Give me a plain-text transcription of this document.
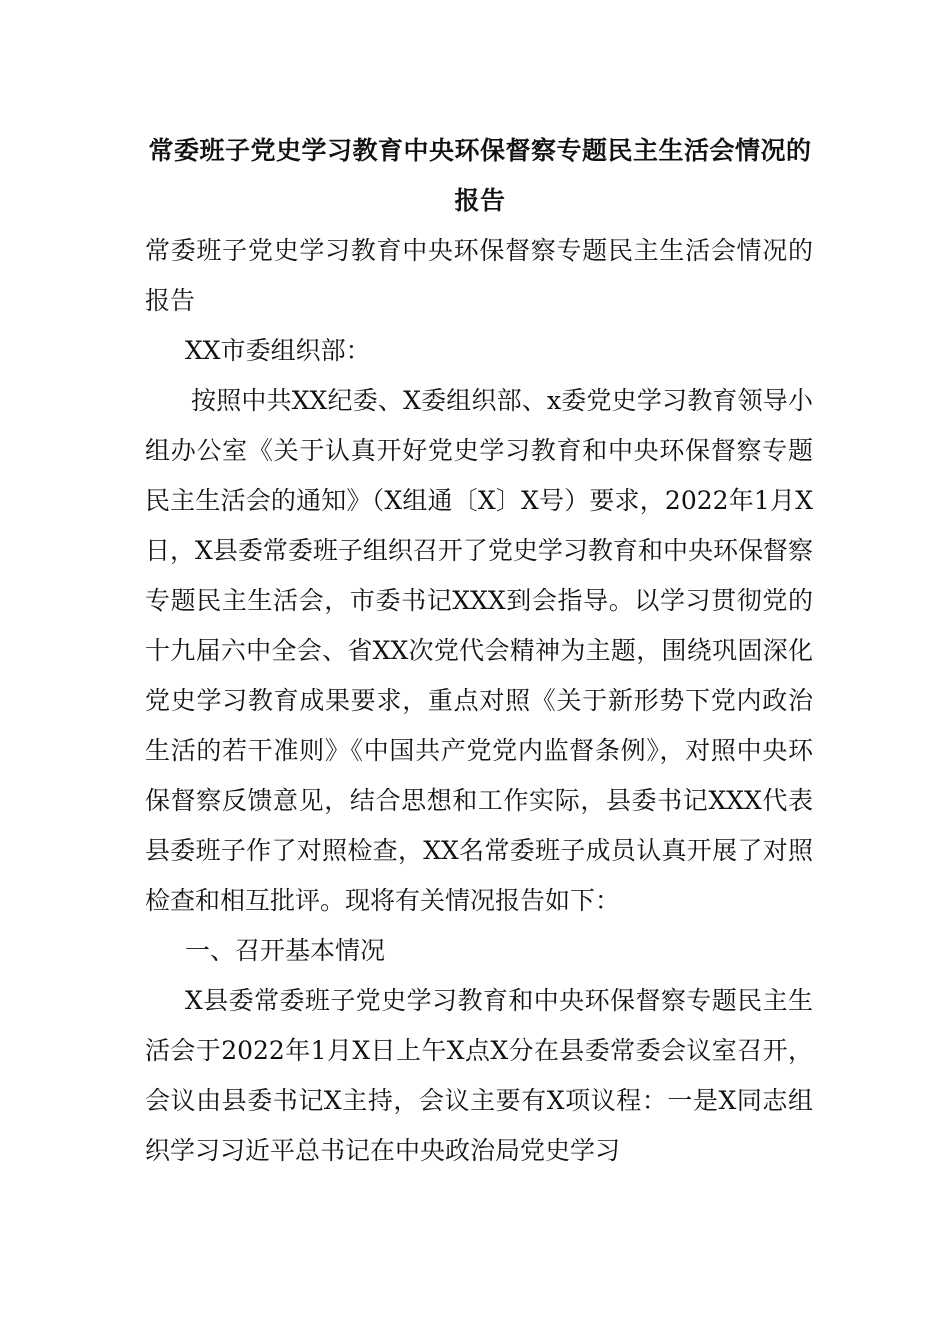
常委班子党史学习教育中央环保督察专题民主生活会情况的报告

常委班子党史学习教育中央环保督察专题民主生活会情况的报告

XX市委组织部：

按照中共XX纪委、X委组织部、x委党史学习教育领导小组办公室《关于认真开好党史学习教育和中央环保督察专题民主生活会的通知》（X组通〔X〕X号）要求，2022年1月X日，X县委常委班子组织召开了党史学习教育和中央环保督察专题民主生活会，市委书记XXX到会指导。以学习贯彻党的十九届六中全会、省XX次党代会精神为主题，围绕巩固深化党史学习教育成果要求，重点对照《关于新形势下党内政治生活的若干准则》《中国共产党党内监督条例》，对照中央环保督察反馈意见，结合思想和工作实际，县委书记XXX代表县委班子作了对照检查，XX名常委班子成员认真开展了对照检查和相互批评。现将有关情况报告如下：

一、召开基本情况

X县委常委班子党史学习教育和中央环保督察专题民主生活会于2022年1月X日上午X点X分在县委常委会议室召开，会议由县委书记X主持，会议主要有X项议程：一是X同志组织学习习近平总书记在中央政治局党史学习
